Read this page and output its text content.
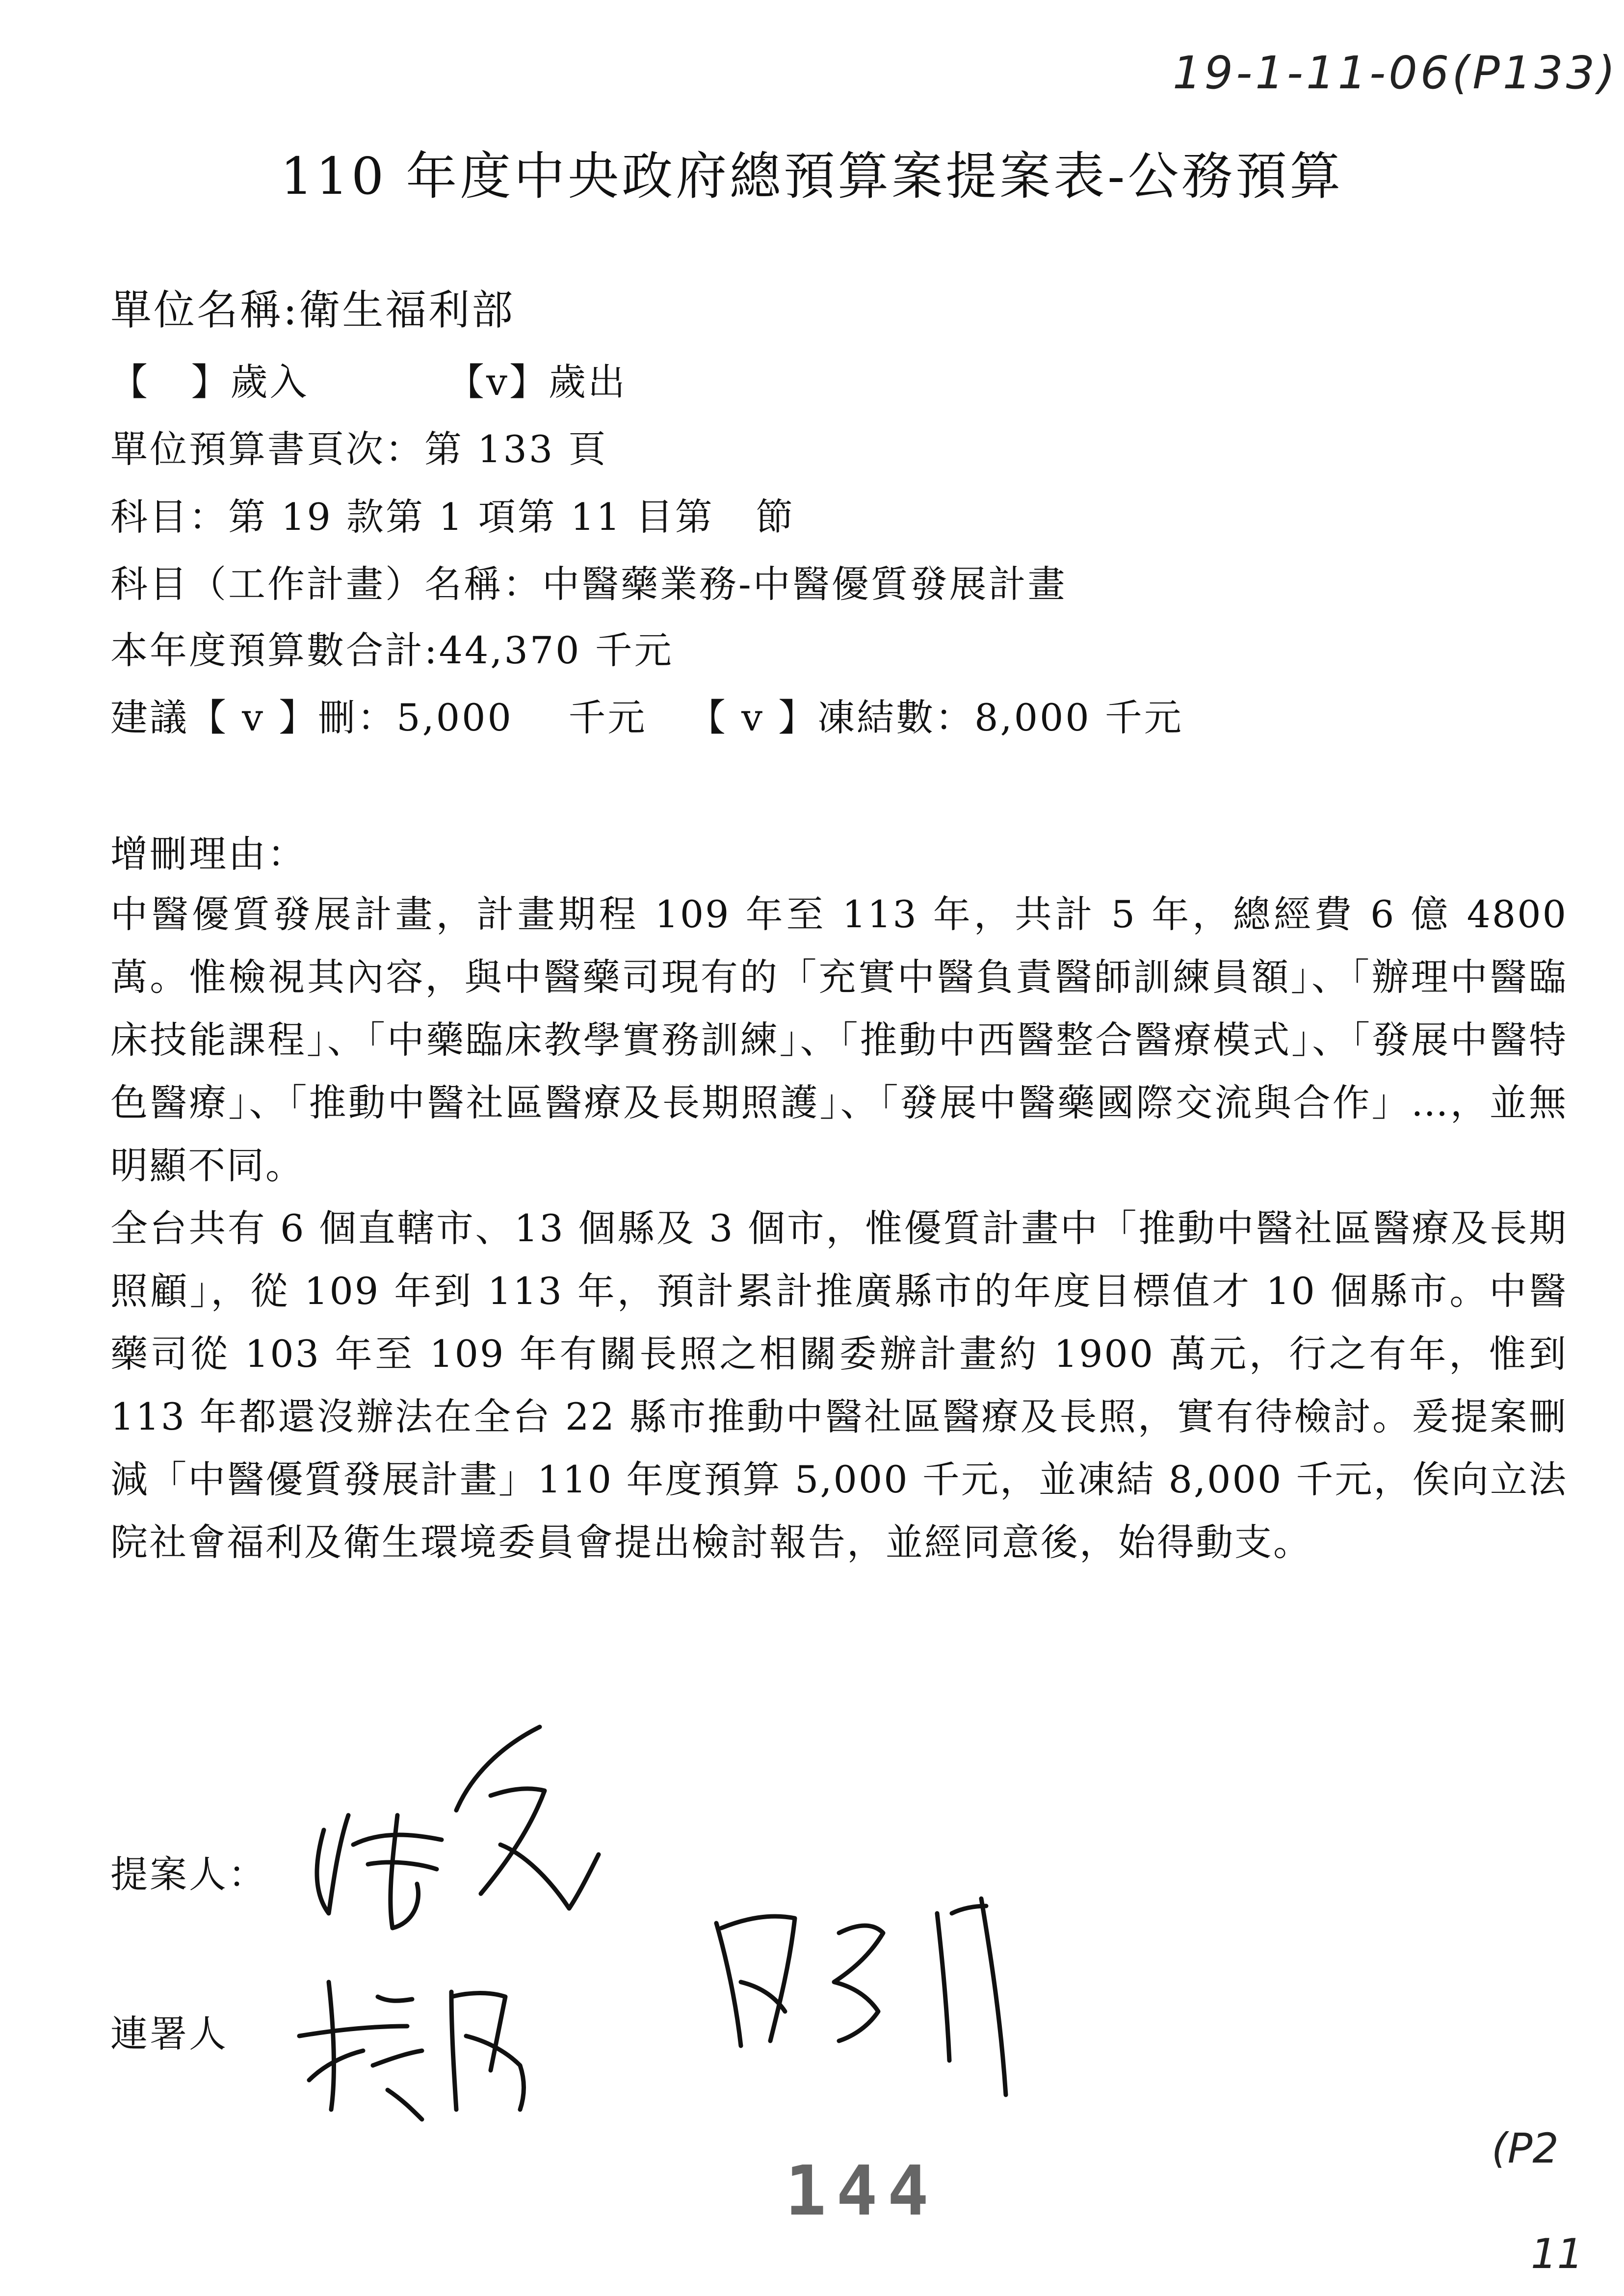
19-1-11-06(P133)
110 年度中央政府總預算案提案表-公務預算
單位名稱:衛生福利部
【   】歲入          【v】歲出
單位預算書頁次：第 133 頁
科目：第 19 款第 1 項第 11 目第   節
科目（工作計畫）名稱：中醫藥業務-中醫優質發展計畫
本年度預算數合計:44,370 千元
建議【 v 】刪：5,000    千元   【 v 】凍結數：8,000 千元
增刪理由：
中醫優質發展計畫，計畫期程 109 年至 113 年，共計 5 年，總經費 6 億 4800 萬。惟檢視其內容，與中醫藥司現有的「充實中醫負責醫師訓練員額」、「辦理中醫臨床技能課程」、「中藥臨床教學實務訓練」、「推動中西醫整合醫療模式」、「發展中醫特色醫療」、「推動中醫社區醫療及長期照護」、「發展中醫藥國際交流與合作」…，並無明顯不同。
全台共有 6 個直轄市、13 個縣及 3 個市，惟優質計畫中「推動中醫社區醫療及長期照顧」，從 109 年到 113 年，預計累計推廣縣市的年度目標值才 10 個縣市。中醫藥司從 103 年至 109 年有關長照之相關委辦計畫約 1900 萬元，行之有年，惟到 113 年都還沒辦法在全台 22 縣市推動中醫社區醫療及長照，實有待檢討。爰提案刪減「中醫優質發展計畫」110 年度預算 5,000 千元，並凍結 8,000 千元，俟向立法院社會福利及衛生環境委員會提出檢討報告，並經同意後，始得動支。
提案人：
連署人
144
(P2
11
